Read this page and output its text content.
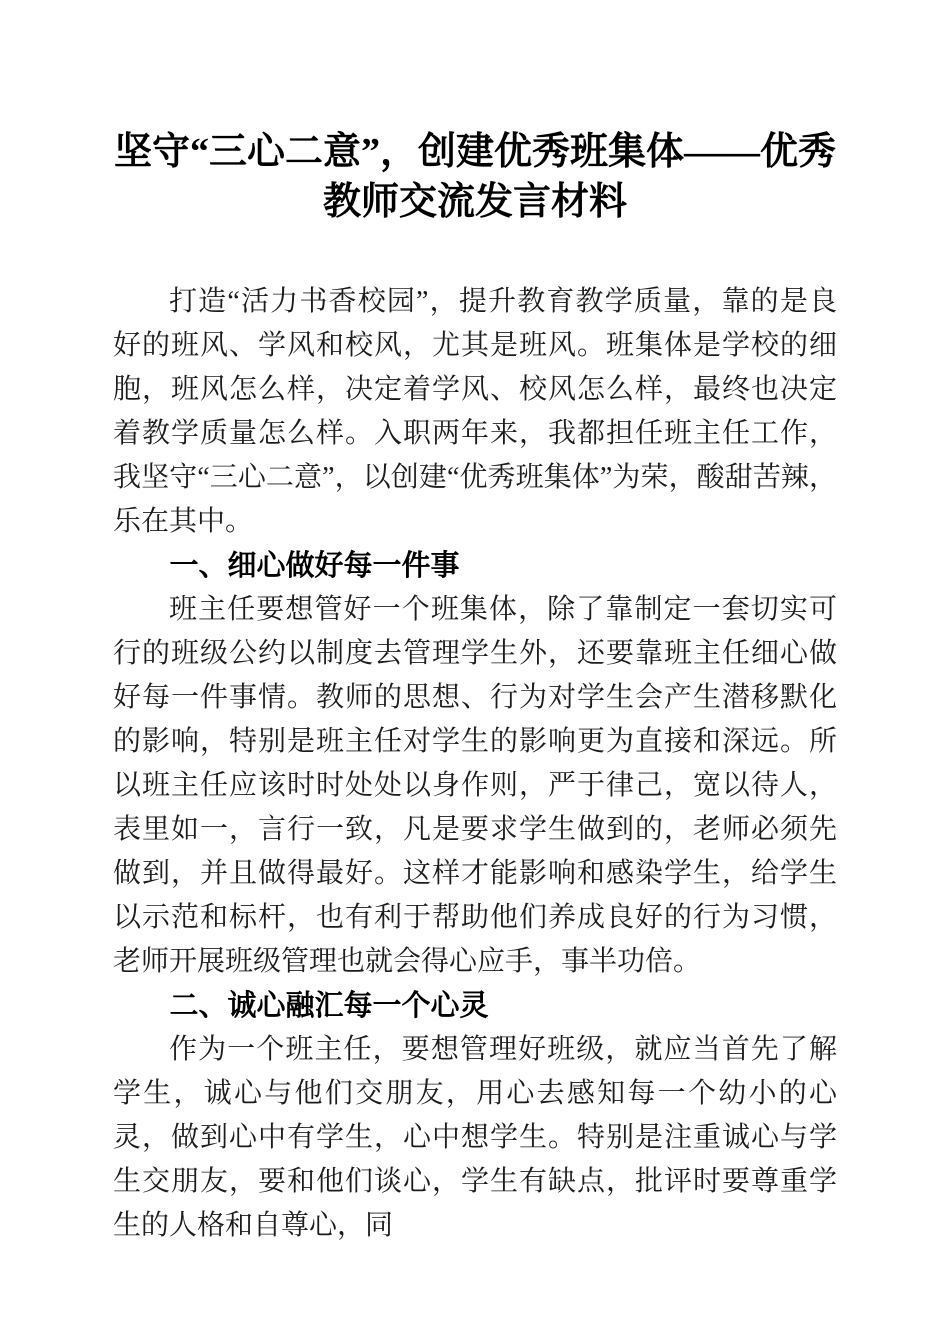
坚守“三心二意”，创建优秀班集体——优秀教师交流发言材料

打造“活力书香校园”，提升教育教学质量，靠的是良好的班风、学风和校风，尤其是班风。班集体是学校的细胞，班风怎么样，决定着学风、校风怎么样，最终也决定着教学质量怎么样。入职两年来，我都担任班主任工作，我坚守“三心二意”，以创建“优秀班集体”为荣，酸甜苦辣，乐在其中。

一、细心做好每一件事

班主任要想管好一个班集体，除了靠制定一套切实可行的班级公约以制度去管理学生外，还要靠班主任细心做好每一件事情。教师的思想、行为对学生会产生潜移默化的影响，特别是班主任对学生的影响更为直接和深远。所以班主任应该时时处处以身作则，严于律己，宽以待人，表里如一，言行一致，凡是要求学生做到的，老师必须先做到，并且做得最好。这样才能影响和感染学生，给学生以示范和标杆，也有利于帮助他们养成良好的行为习惯，老师开展班级管理也就会得心应手，事半功倍。

二、诚心融汇每一个心灵

作为一个班主任，要想管理好班级，就应当首先了解学生，诚心与他们交朋友，用心去感知每一个幼小的心灵，做到心中有学生，心中想学生。特别是注重诚心与学生交朋友，要和他们谈心，学生有缺点，批评时要尊重学生的人格和自尊心，同
